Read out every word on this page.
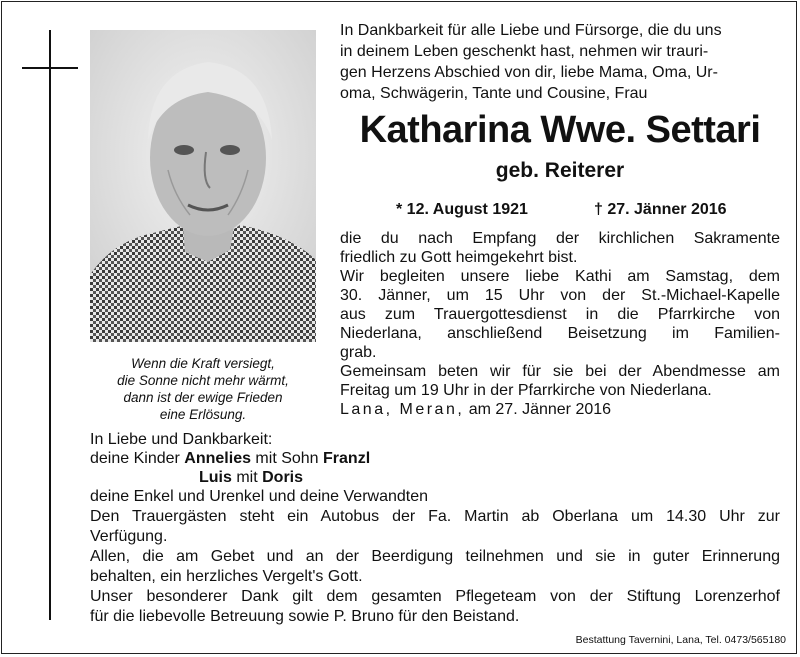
Wenn die Kraft versiegt,
die Sonne nicht mehr wärmt,
dann ist der ewige Frieden
eine Erlösung.
In Dankbarkeit für alle Liebe und Fürsorge, die du uns
in deinem Leben geschenkt hast, nehmen wir trauri-
gen Herzens Abschied von dir, liebe Mama, Oma, Ur-
oma, Schwägerin, Tante und Cousine, Frau
Katharina Wwe. Settari
geb. Reiterer
* 12. August 1921	† 27. Jänner 2016
die du nach Empfang der kirchlichen Sakramente
friedlich zu Gott heimgekehrt bist.
Wir begleiten unsere liebe Kathi am Samstag, dem
30. Jänner, um 15 Uhr von der St.-Michael-Kapelle
aus zum Trauergottesdienst in die Pfarrkirche von
Niederlana, anschließend Beisetzung im Familien-
grab.
Gemeinsam beten wir für sie bei der Abendmesse am
Freitag um 19 Uhr in der Pfarrkirche von Niederlana.
Lana, Meran, am 27. Jänner 2016
In Liebe und Dankbarkeit:
deine Kinder Annelies mit Sohn Franzl
Luis mit Doris
deine Enkel und Urenkel und deine Verwandten
Den Trauergästen steht ein Autobus der Fa. Martin ab Oberlana um 14.30 Uhr zur
Verfügung.
Allen, die am Gebet und an der Beerdigung teilnehmen und sie in guter Erinnerung
behalten, ein herzliches Vergelt's Gott.
Unser besonderer Dank gilt dem gesamten Pflegeteam von der Stiftung Lorenzerhof
für die liebevolle Betreuung sowie P. Bruno für den Beistand.
Bestattung Tavernini, Lana, Tel. 0473/565180
